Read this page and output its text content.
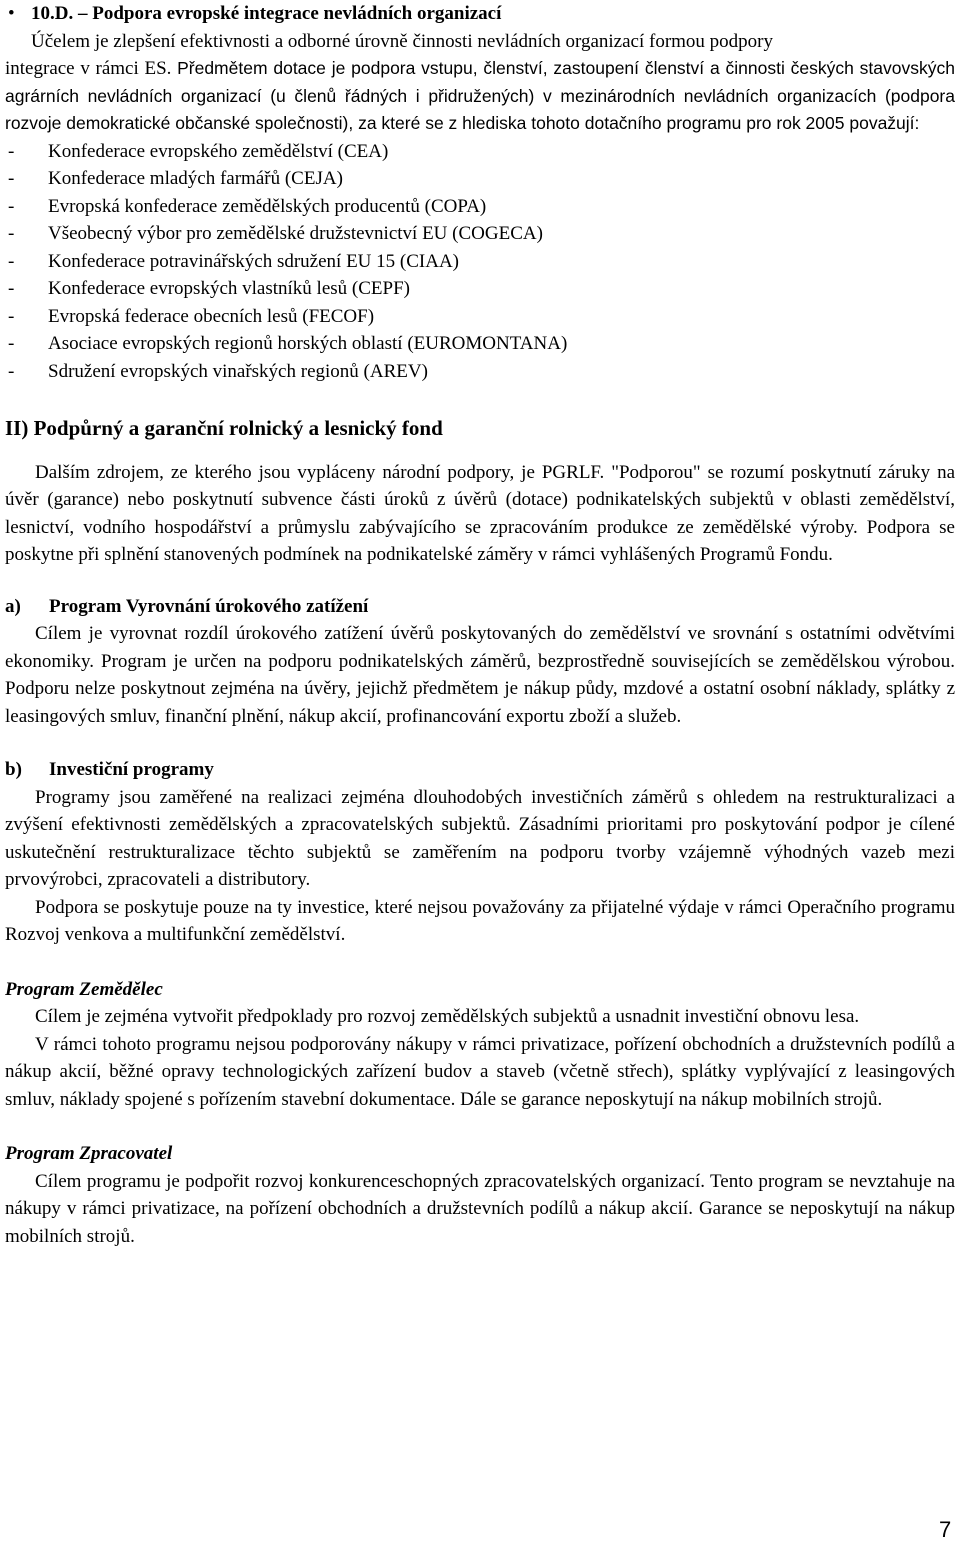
• 10.D. – Podpora evropské integrace nevládních organizací
Účelem je zlepšení efektivnosti a odborné úrovně činnosti nevládních organizací formou podpory

integrace v rámci ES. Předmětem dotace je podpora vstupu, členství, zastoupení členství a činnosti českých stavovských agrárních nevládních organizací (u členů řádných i přidružených) v mezinárodních nevládních organizacích (podpora rozvoje demokratické občanské společnosti), za které se z hlediska tohoto dotačního programu pro rok 2005 považují:

- Konfederace evropského zemědělství (CEA)
- Konfederace mladých farmářů (CEJA)
- Evropská konfederace zemědělských producentů (COPA)
- Všeobecný výbor pro zemědělské družstevnictví EU (COGECA)
- Konfederace potravinářských sdružení EU 15 (CIAA)
- Konfederace evropských vlastníků lesů (CEPF)
- Evropská federace obecních lesů (FECOF)
- Asociace evropských regionů horských oblastí (EUROMONTANA)
- Sdružení evropských vinařských regionů (AREV)
II) Podpůrný a garanční rolnický a lesnický fond

Dalším zdrojem, ze kterého jsou vypláceny národní podpory, je PGRLF. "Podporou" se rozumí poskytnutí záruky na úvěr (garance) nebo poskytnutí subvence části úroků z úvěrů (dotace) podnikatelských subjektů v oblasti zemědělství, lesnictví, vodního hospodářství a průmyslu zabývajícího se zpracováním produkce ze zemědělské výroby. Podpora se poskytne při splnění stanovených podmínek na podnikatelské záměry v rámci vyhlášených Programů Fondu.

a) Program Vyrovnání úrokového zatížení

Cílem je vyrovnat rozdíl úrokového zatížení úvěrů poskytovaných do zemědělství ve srovnání s ostatními odvětvími ekonomiky. Program je určen na podporu podnikatelských záměrů, bezprostředně souvisejících se zemědělskou výrobou. Podporu nelze poskytnout zejména na úvěry, jejichž předmětem je nákup půdy, mzdové a ostatní osobní náklady, splátky z leasingových smluv, finanční plnění, nákup akcií, profinancování exportu zboží a služeb.

b) Investiční programy

Programy jsou zaměřené na realizaci zejména dlouhodobých investičních záměrů s ohledem na restrukturalizaci a zvýšení efektivnosti zemědělských a zpracovatelských subjektů. Zásadními prioritami pro poskytování podpor je cílené uskutečnění restrukturalizace těchto subjektů se zaměřením na podporu tvorby vzájemně výhodných vazeb mezi prvovýrobci, zpracovateli a distributory.

Podpora se poskytuje pouze na ty investice, které nejsou považovány za přijatelné výdaje v rámci Operačního programu Rozvoj venkova a multifunkční zemědělství.

Program Zemědělec

Cílem je zejména vytvořit předpoklady pro rozvoj zemědělských subjektů a usnadnit investiční obnovu lesa.

V rámci tohoto programu nejsou podporovány nákupy v rámci privatizace, pořízení obchodních a družstevních podílů a nákup akcií, běžné opravy technologických zařízení budov a staveb (včetně střech), splátky vyplývající z leasingových smluv, náklady spojené s pořízením stavební dokumentace. Dále se garance neposkytují na nákup mobilních strojů.

Program Zpracovatel

Cílem programu je podpořit rozvoj konkurenceschopných zpracovatelských organizací. Tento program se nevztahuje na nákupy v rámci privatizace, na pořízení obchodních a družstevních podílů a nákup akcií. Garance se neposkytují na nákup mobilních strojů.

7
